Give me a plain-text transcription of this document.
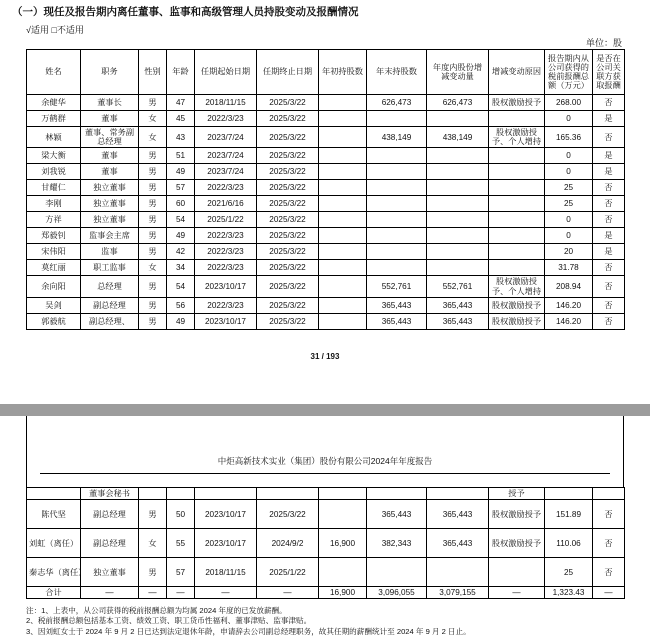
（一）现任及报告期内离任董事、监事和高级管理人员持股变动及报酬情况
√适用 □不适用
单位：股
姓名	职务	性别	年龄	任期起始日期	任期终止日期	年初持股数	年末持股数	年度内股份增减变动量	增减变动原因	报告期内从公司获得的税前报酬总额（万元）	是否在公司关联方获取报酬
余健华	董事长	男	47	2018/11/15	2025/3/22		626,473	626,473	股权激励授予	268.00	否
万鹤群	董事	女	45	2022/3/23	2025/3/22					0	是
林颖	董事、常务副总经理	女	43	2023/7/24	2025/3/22		438,149	438,149	股权激励授予、个人增持	165.36	否
梁大衡	董事	男	51	2023/7/24	2025/3/22					0	是
刘我锐	董事	男	49	2023/7/24	2025/3/22					0	是
甘耀仁	独立董事	男	57	2022/3/23	2025/3/22					25	否
李刚	独立董事	男	60	2021/6/16	2025/3/22					25	否
方祥	独立董事	男	54	2025/1/22	2025/3/22					0	否
郑毅钊	监事会主席	男	49	2022/3/23	2025/3/22					0	是
宋伟阳	监事	男	42	2022/3/23	2025/3/22					20	是
莫红丽	职工监事	女	34	2022/3/23	2025/3/22					31.78	否
余向阳	总经理	男	54	2023/10/17	2025/3/22		552,761	552,761	股权激励授予、个人增持	208.94	否
吴剑	副总经理	男	56	2022/3/23	2025/3/22		365,443	365,443	股权激励授予	146.20	否
郭毅航	副总经理、	男	49	2023/10/17	2025/3/22		365,443	365,443	股权激励授予	146.20	否
31 / 193
中炬高新技术实业（集团）股份有限公司2024年年度报告
	董事会秘书								授予		
陈代坚	副总经理	男	50	2023/10/17	2025/3/22		365,443	365,443	股权激励授予	151.89	否
刘虹（离任）	副总经理	女	55	2023/10/17	2024/9/2	16,900	382,343	365,443	股权激励授予	110.06	否
秦志华（离任）	独立董事	男	57	2018/11/15	2025/1/22					25	否
合计	—	—	—	—	—	16,900	3,096,055	3,079,155	—	1,323.43	—
注：1、上表中，从公司获得的税前报酬总额为均属 2024 年度的已发放薪酬。
2、税前报酬总额包括基本工资、绩效工资、职工货币性福利、董事津贴、监事津贴。
3、因刘虹女士于 2024 年 9 月 2 日已达到法定退休年龄，申请辞去公司副总经理职务，故其任期的薪酬统计至 2024 年 9 月 2 日止。
